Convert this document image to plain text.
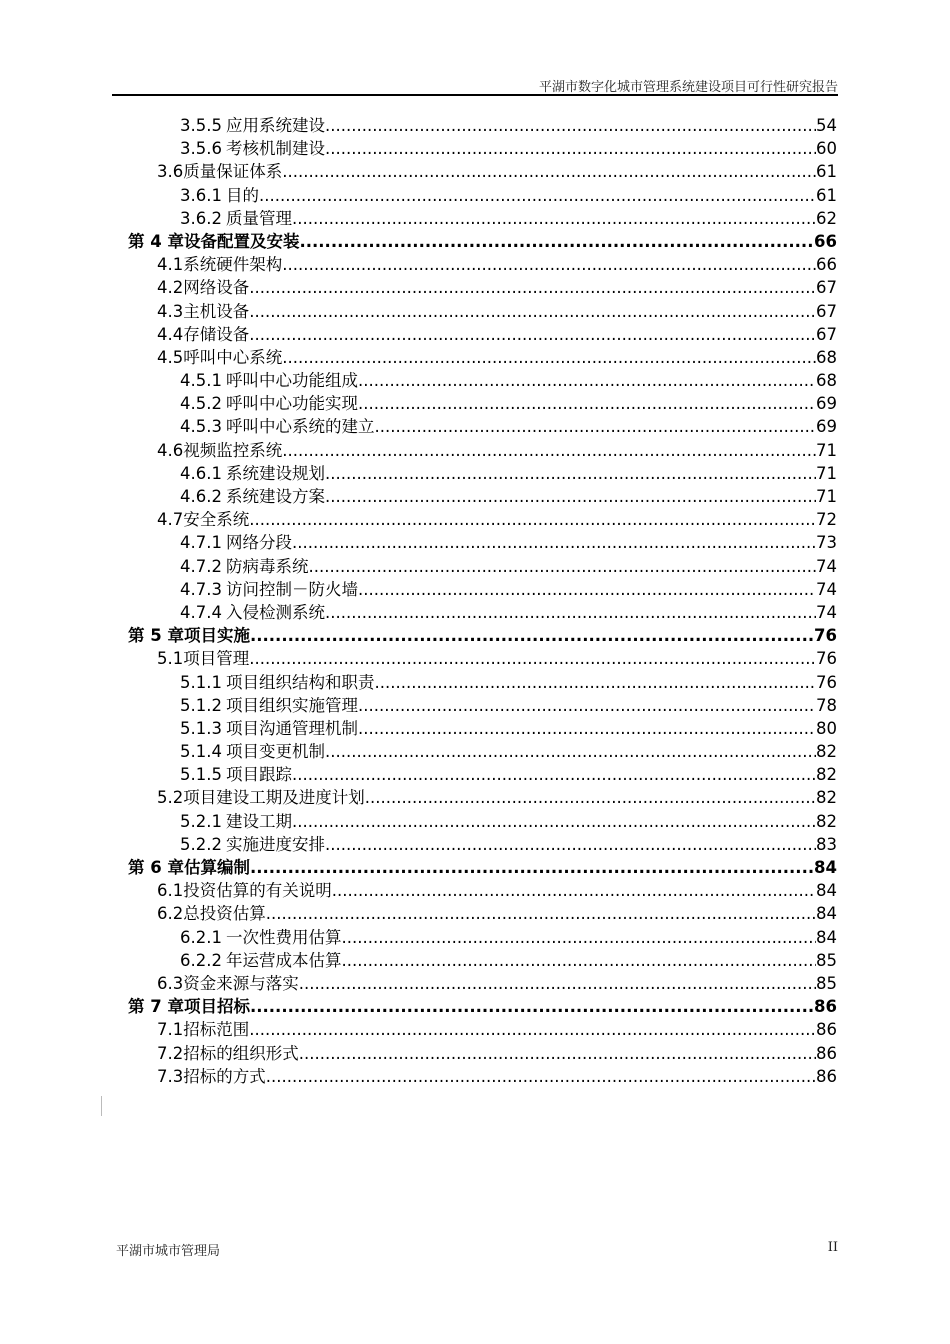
平湖市数字化城市管理系统建设项目可行性研究报告
3.5.5 应用系统建设 .....	54
3.5.6 考核机制建设 .....	60
3.6 质量保证体系 .....	61
3.6.1 目的 .....	61
3.6.2 质量管理 .....	62
第 4 章 设备配置及安装 .....	66
4.1 系统硬件架构 .....	66
4.2 网络设备 .....	67
4.3 主机设备 .....	67
4.4 存储设备 .....	67
4.5 呼叫中心系统 .....	68
4.5.1 呼叫中心功能组成 .....	68
4.5.2 呼叫中心功能实现 .....	69
4.5.3 呼叫中心系统的建立 .....	69
4.6 视频监控系统 .....	71
4.6.1 系统建设规划 .....	71
4.6.2 系统建设方案 .....	71
4.7 安全系统 .....	72
4.7.1 网络分段 .....	73
4.7.2 防病毒系统 .....	74
4.7.3 访问控制－防火墙 .....	74
4.7.4 入侵检测系统 .....	74
第 5 章 项目实施 .....	76
5.1 项目管理 .....	76
5.1.1 项目组织结构和职责 .....	76
5.1.2 项目组织实施管理 .....	78
5.1.3 项目沟通管理机制 .....	80
5.1.4 项目变更机制 .....	82
5.1.5 项目跟踪 .....	82
5.2 项目建设工期及进度计划 .....	82
5.2.1 建设工期 .....	82
5.2.2 实施进度安排 .....	83
第 6 章 估算编制 .....	84
6.1 投资估算的有关说明 .....	84
6.2 总投资估算 .....	84
6.2.1 一次性费用估算 .....	84
6.2.2 年运营成本估算 .....	85
6.3 资金来源与落实 .....	85
第 7 章 项目招标 .....	86
7.1 招标范围 .....	86
7.2 招标的组织形式 .....	86
7.3 招标的方式 .....	86
平湖市城市管理局	II
